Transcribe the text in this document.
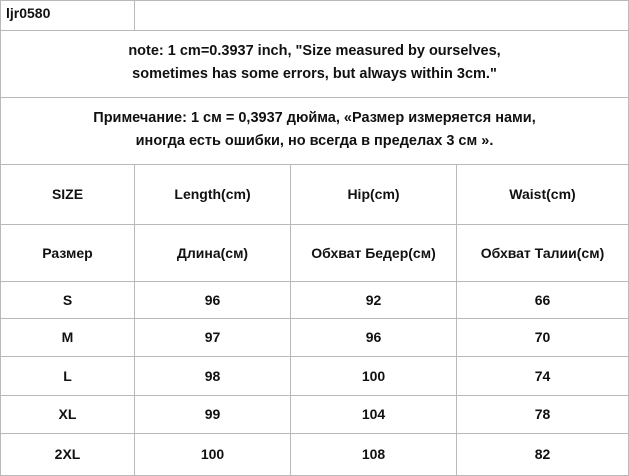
ljr0580
note: 1 cm=0.3937 inch, "Size measured by ourselves,
sometimes has some errors, but always within 3cm."
Примечание: 1 см = 0,3937 дюйма, «Размер измеряется нами,
иногда есть ошибки, но всегда в пределах 3 см ».
SIZE	Length(cm)	Hip(cm)	Waist(cm)
Размер	Длина(см)	Обхват Бедер(см)	Обхват Талии(см)
S	96	92	66
M	97	96	70
L	98	100	74
XL	99	104	78
2XL	100	108	82
